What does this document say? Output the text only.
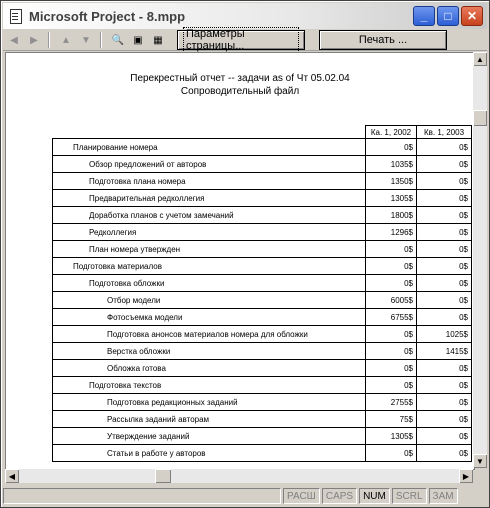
Microsoft Project - 8.mpp	_ □ ✕
◀ ▶ ▲ ▼ 🔍 ▣ ▦ Параметры страницы...	Печать ...
Перекрестный отчет -- задачи as of Чт 05.02.04
Сопроводительный файл
	Ка. 1, 2002	Кв. 1, 2003
Планирование номера	0$	0$
Обзор предложений от авторов	1035$	0$
Подготовка плана номера	1350$	0$
Предварительная редколлегия	1305$	0$
Доработка планов с учетом замечаний	1800$	0$
Редколлегия	1296$	0$
План номера утвержден	0$	0$
Подготовка материалов	0$	0$
Подготовка обложки	0$	0$
Отбор модели	6005$	0$
Фотосъемка модели	6755$	0$
Подготовка анонсов материалов номера для обложки	0$	1025$
Верстка обложки	0$	1415$
Обложка готова	0$	0$
Подготовка текстов	0$	0$
Подготовка редакционных заданий	2755$	0$
Рассылка заданий авторам	75$	0$
Утверждение заданий	1305$	0$
Статьи в работе у авторов	0$	0$
▲
▼
◀	▶
РАСШ	CAPS	NUM	SCRL	ЗАМ
